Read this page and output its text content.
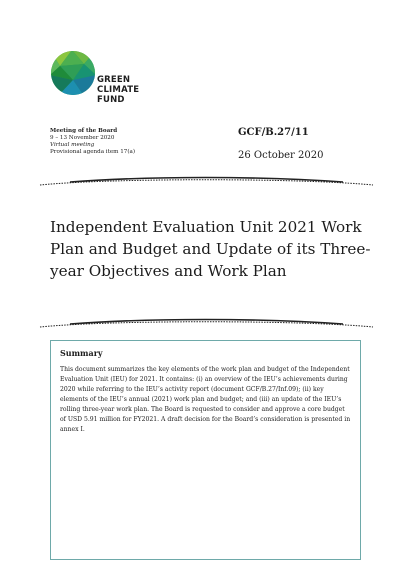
GREEN
CLIMATE
FUND
Meeting of the Board
9 – 13 November 2020
Virtual meeting
Provisional agenda item 17(a)
GCF/B.27/11
26 October 2020
Independent Evaluation Unit 2021 Work Plan and Budget and Update of its Three-year Objectives and Work Plan
Summary

This document summarizes the key elements of the work plan and budget of the Independent Evaluation Unit (IEU) for 2021. It contains: (i) an overview of the IEU’s achievements during 2020 while referring to the IEU’s activity report (document GCF/B.27/Inf.09); (ii) key elements of the IEU’s annual (2021) work plan and budget; and (iii) an update of the IEU’s rolling three-year work plan. The Board is requested to consider and approve a core budget of USD 5.91 million for FY2021. A draft decision for the Board’s consideration is presented in annex I.
